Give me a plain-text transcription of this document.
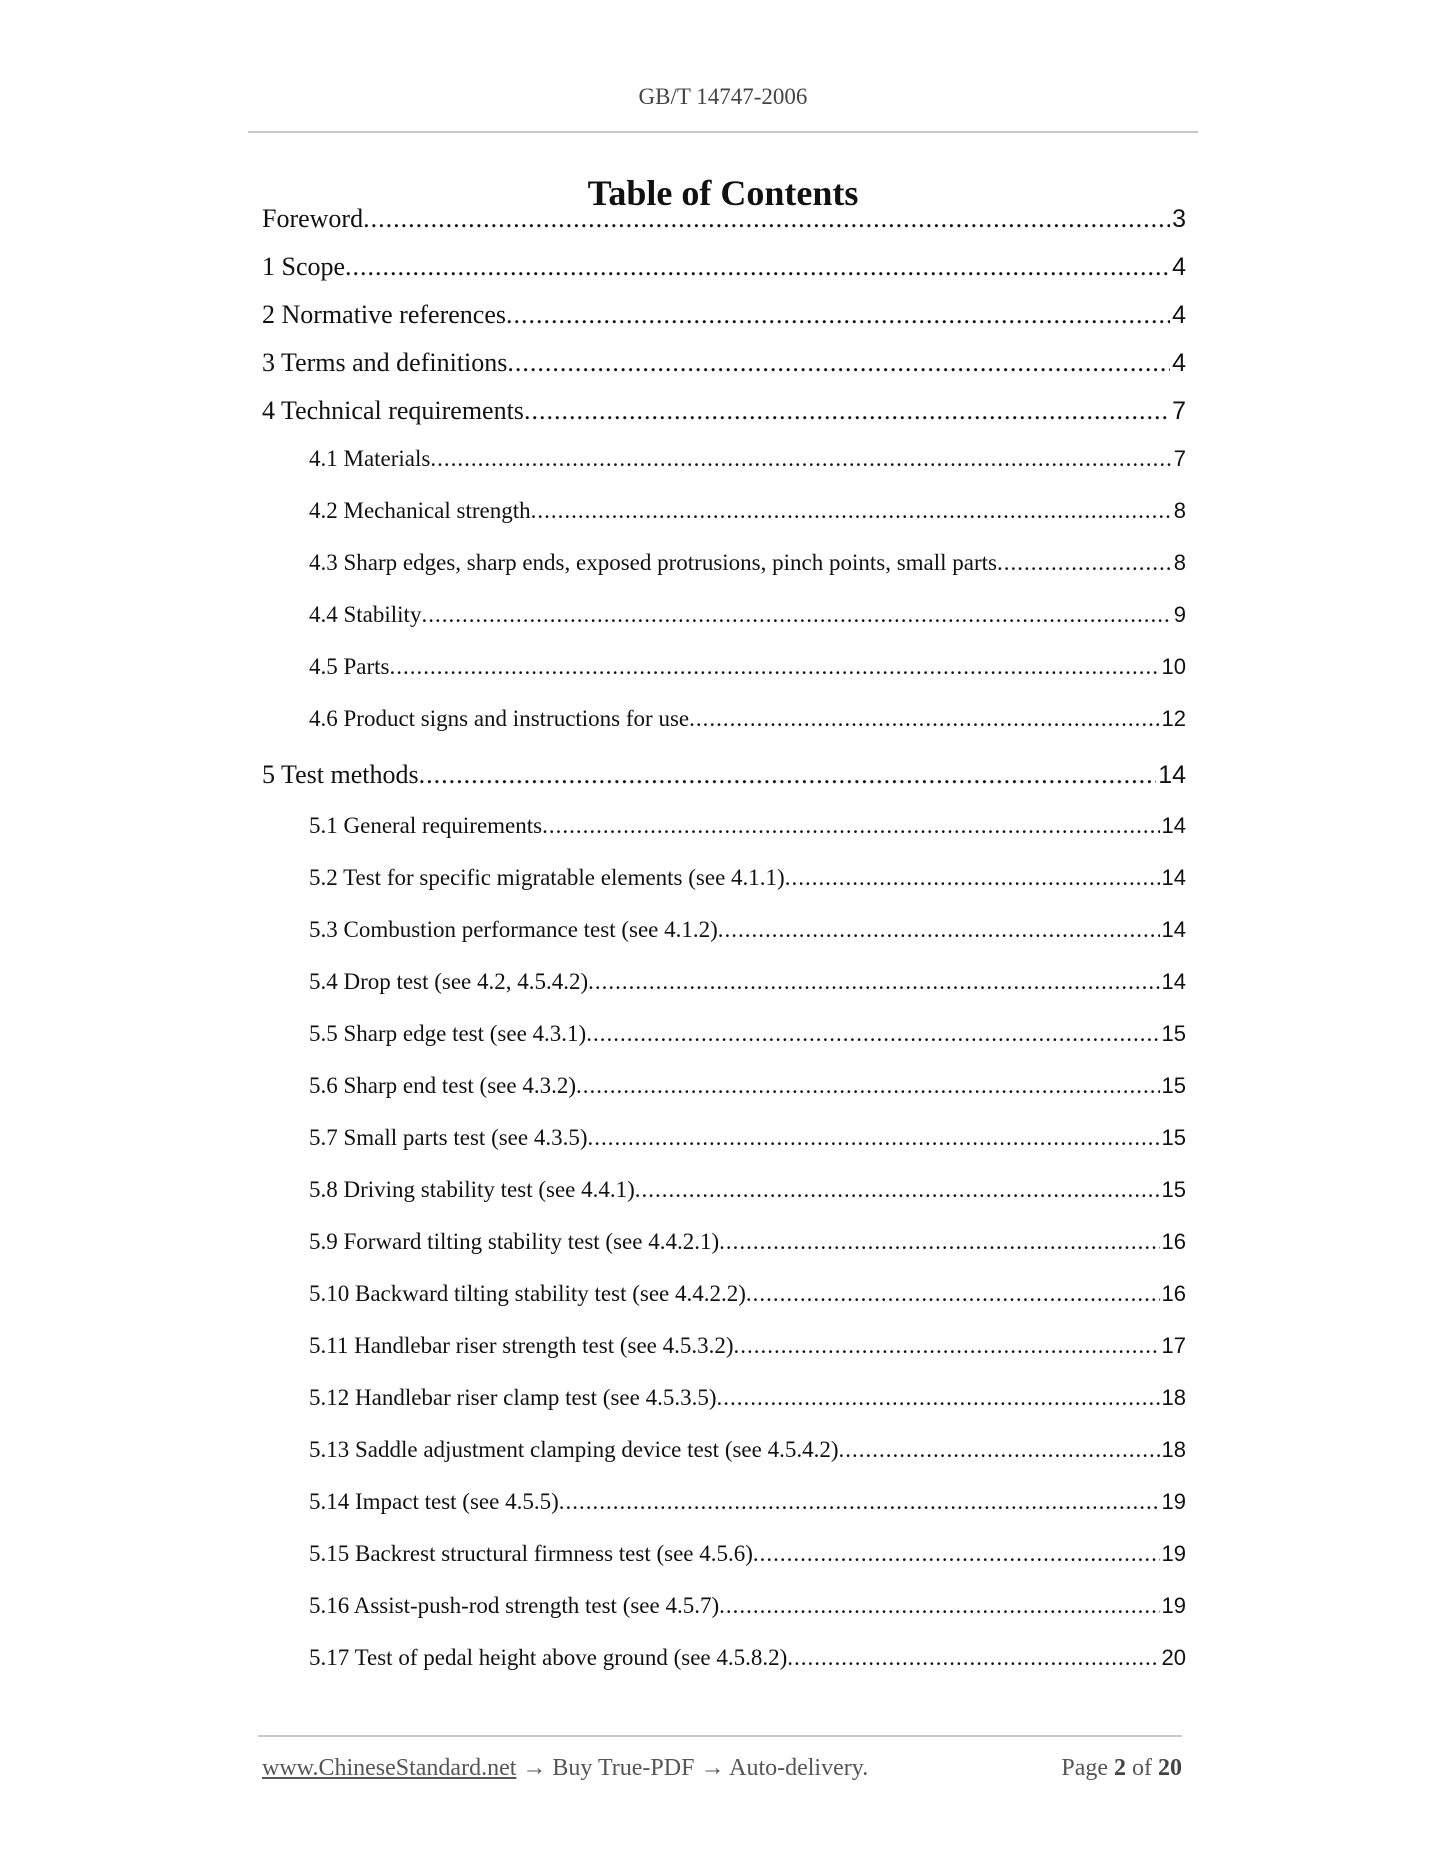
GB/T 14747-2006
Table of Contents
Foreword .....	3
1 Scope .....	4
2 Normative references .....	4
3 Terms and definitions .....	4
4 Technical requirements .....	7
4.1 Materials .....	7
4.2 Mechanical strength .....	8
4.3 Sharp edges, sharp ends, exposed protrusions, pinch points, small parts .....	8
4.4 Stability .....	9
4.5 Parts .....	10
4.6 Product signs and instructions for use .....	12
5 Test methods .....	14
5.1 General requirements .....	14
5.2 Test for specific migratable elements (see 4.1.1) .....	14
5.3 Combustion performance test (see 4.1.2) .....	14
5.4 Drop test (see 4.2, 4.5.4.2) .....	14
5.5 Sharp edge test (see 4.3.1) .....	15
5.6 Sharp end test (see 4.3.2) .....	15
5.7 Small parts test (see 4.3.5) .....	15
5.8 Driving stability test (see 4.4.1) .....	15
5.9 Forward tilting stability test (see 4.4.2.1) .....	16
5.10 Backward tilting stability test (see 4.4.2.2) .....	16
5.11 Handlebar riser strength test (see 4.5.3.2) .....	17
5.12 Handlebar riser clamp test (see 4.5.3.5) .....	18
5.13 Saddle adjustment clamping device test (see 4.5.4.2) .....	18
5.14 Impact test (see 4.5.5) .....	19
5.15 Backrest structural firmness test (see 4.5.6) .....	19
5.16 Assist-push-rod strength test (see 4.5.7) .....	19
5.17 Test of pedal height above ground (see 4.5.8.2) .....	20
www.ChineseStandard.net → Buy True-PDF → Auto-delivery.	Page 2 of 20
